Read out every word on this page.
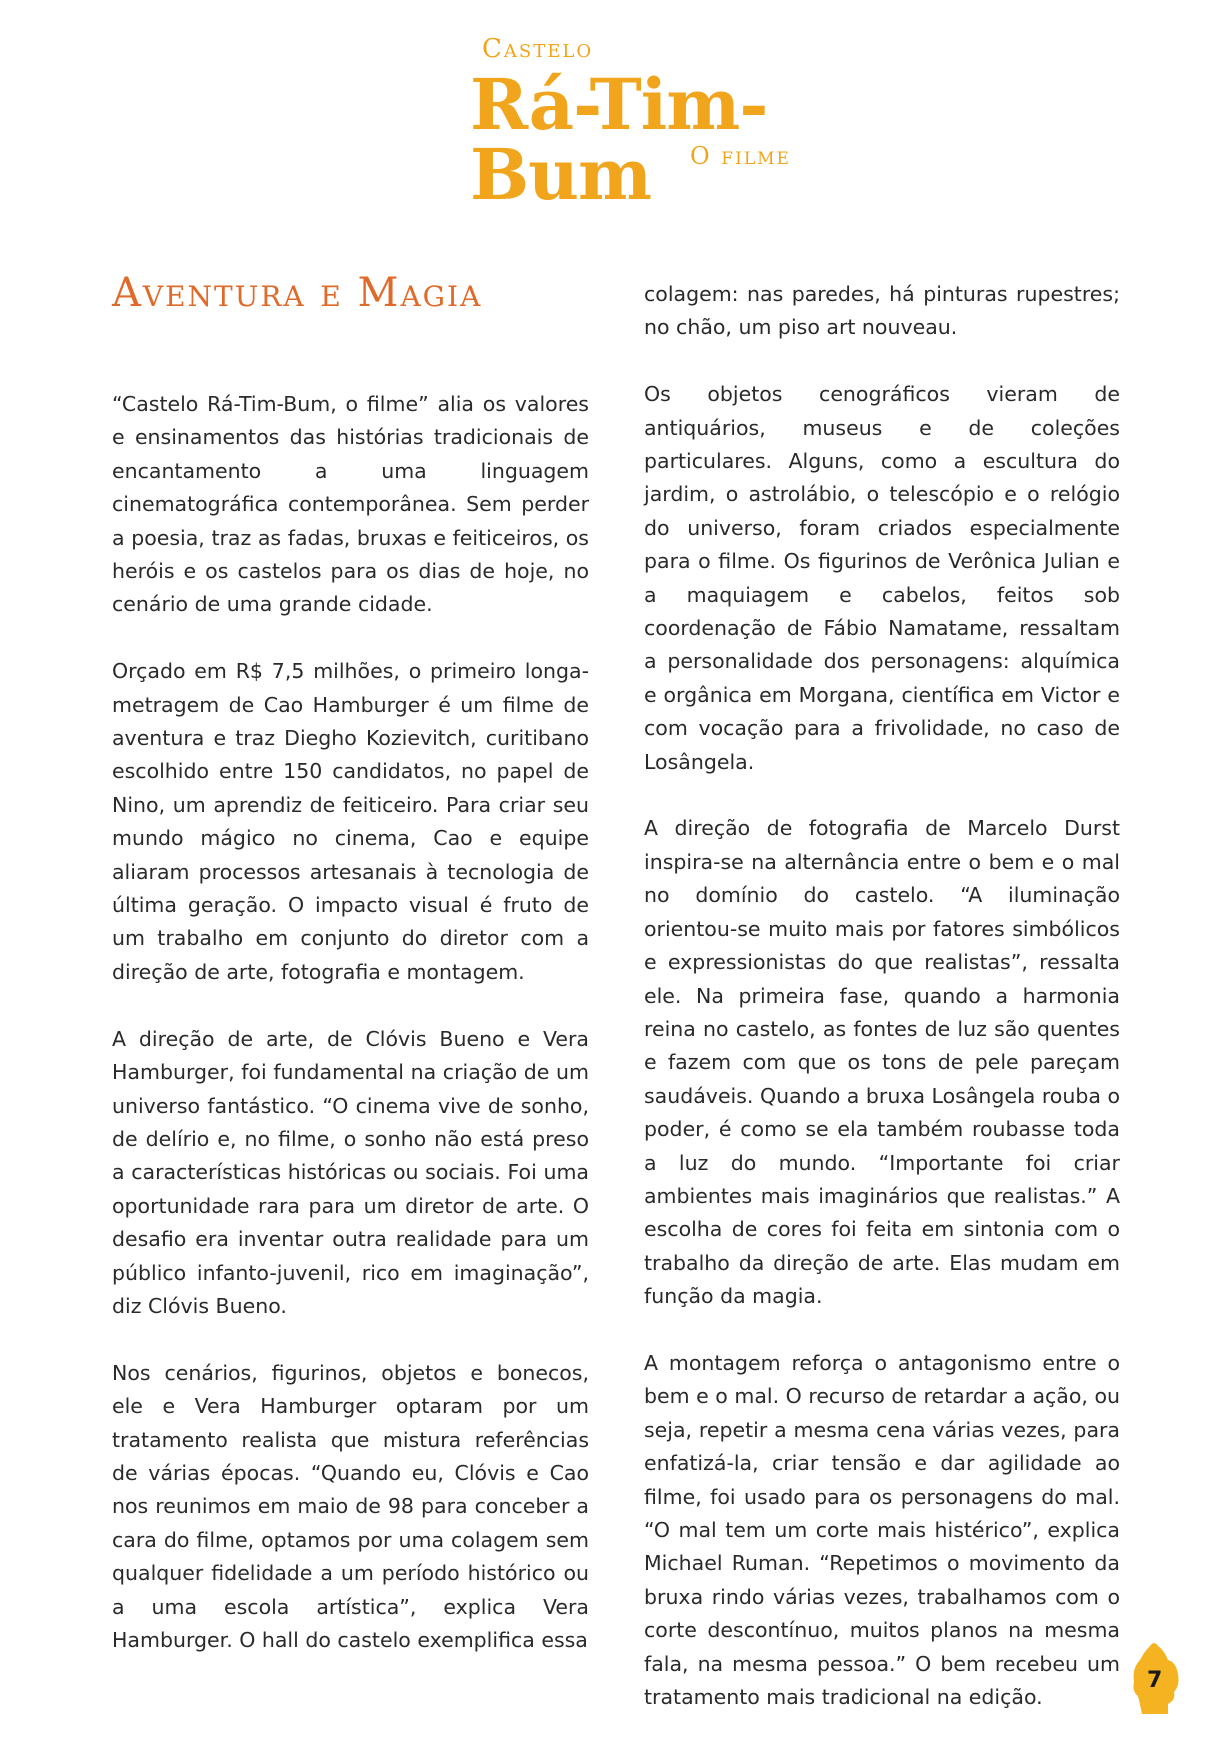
Castelo
Rá-Tim-Bum	O filme
Aventura e Magia

“Castelo Rá-Tim-Bum, o filme” alia os valores e ensinamentos das histórias tradicionais de encantamento a uma linguagem cinematográfica contemporânea. Sem perder a poesia, traz as fadas, bruxas e feiticeiros, os heróis e os castelos para os dias de hoje, no cenário de uma grande cidade.

Orçado em R$ 7,5 milhões, o primeiro longa-metragem de Cao Hamburger é um filme de aventura e traz Diegho Kozievitch, curitibano escolhido entre 150 candidatos, no papel de Nino, um aprendiz de feiticeiro. Para criar seu mundo mágico no cinema, Cao e equipe aliaram processos artesanais à tecnologia de última geração. O impacto visual é fruto de um trabalho em conjunto do diretor com a direção de arte, fotografia e montagem.

A direção de arte, de Clóvis Bueno e Vera Hamburger, foi fundamental na criação de um universo fantástico. “O cinema vive de sonho, de delírio e, no filme, o sonho não está preso a características históricas ou sociais. Foi uma oportunidade rara para um diretor de arte. O desafio era inventar outra realidade para um público infanto-juvenil, rico em imaginação”, diz Clóvis Bueno.

Nos cenários, figurinos, objetos e bonecos, ele e Vera Hamburger optaram por um tratamento realista que mistura referências de várias épocas. “Quando eu, Clóvis e Cao nos reunimos em maio de 98 para conceber a cara do filme, optamos por uma colagem sem qualquer fidelidade a um período histórico ou a uma escola artística”, explica Vera Hamburger. O hall do castelo exemplifica essa

colagem: nas paredes, há pinturas rupestres; no chão, um piso art nouveau.

Os objetos cenográficos vieram de antiquários, museus e de coleções particulares. Alguns, como a escultura do jardim, o astrolábio, o telescópio e o relógio do universo, foram criados especialmente para o filme. Os figurinos de Verônica Julian e a maquiagem e cabelos, feitos sob coordenação de Fábio Namatame, ressaltam a personalidade dos personagens: alquímica e orgânica em Morgana, científica em Victor e com vocação para a frivolidade, no caso de Losângela.

A direção de fotografia de Marcelo Durst inspira-se na alternância entre o bem e o mal no domínio do castelo. “A iluminação orientou-se muito mais por fatores simbólicos e expressionistas do que realistas”, ressalta ele. Na primeira fase, quando a harmonia reina no castelo, as fontes de luz são quentes e fazem com que os tons de pele pareçam saudáveis. Quando a bruxa Losângela rouba o poder, é como se ela também roubasse toda a luz do mundo. “Importante foi criar ambientes mais imaginários que realistas.” A escolha de cores foi feita em sintonia com o trabalho da direção de arte. Elas mudam em função da magia.

A montagem reforça o antagonismo entre o bem e o mal. O recurso de retardar a ação, ou seja, repetir a mesma cena várias vezes, para enfatizá-la, criar tensão e dar agilidade ao filme, foi usado para os personagens do mal. “O mal tem um corte mais histérico”, explica Michael Ruman. “Repetimos o movimento da bruxa rindo várias vezes, trabalhamos com o corte descontínuo, muitos planos na mesma fala, na mesma pessoa.” O bem recebeu um tratamento mais tradicional na edição.

7
